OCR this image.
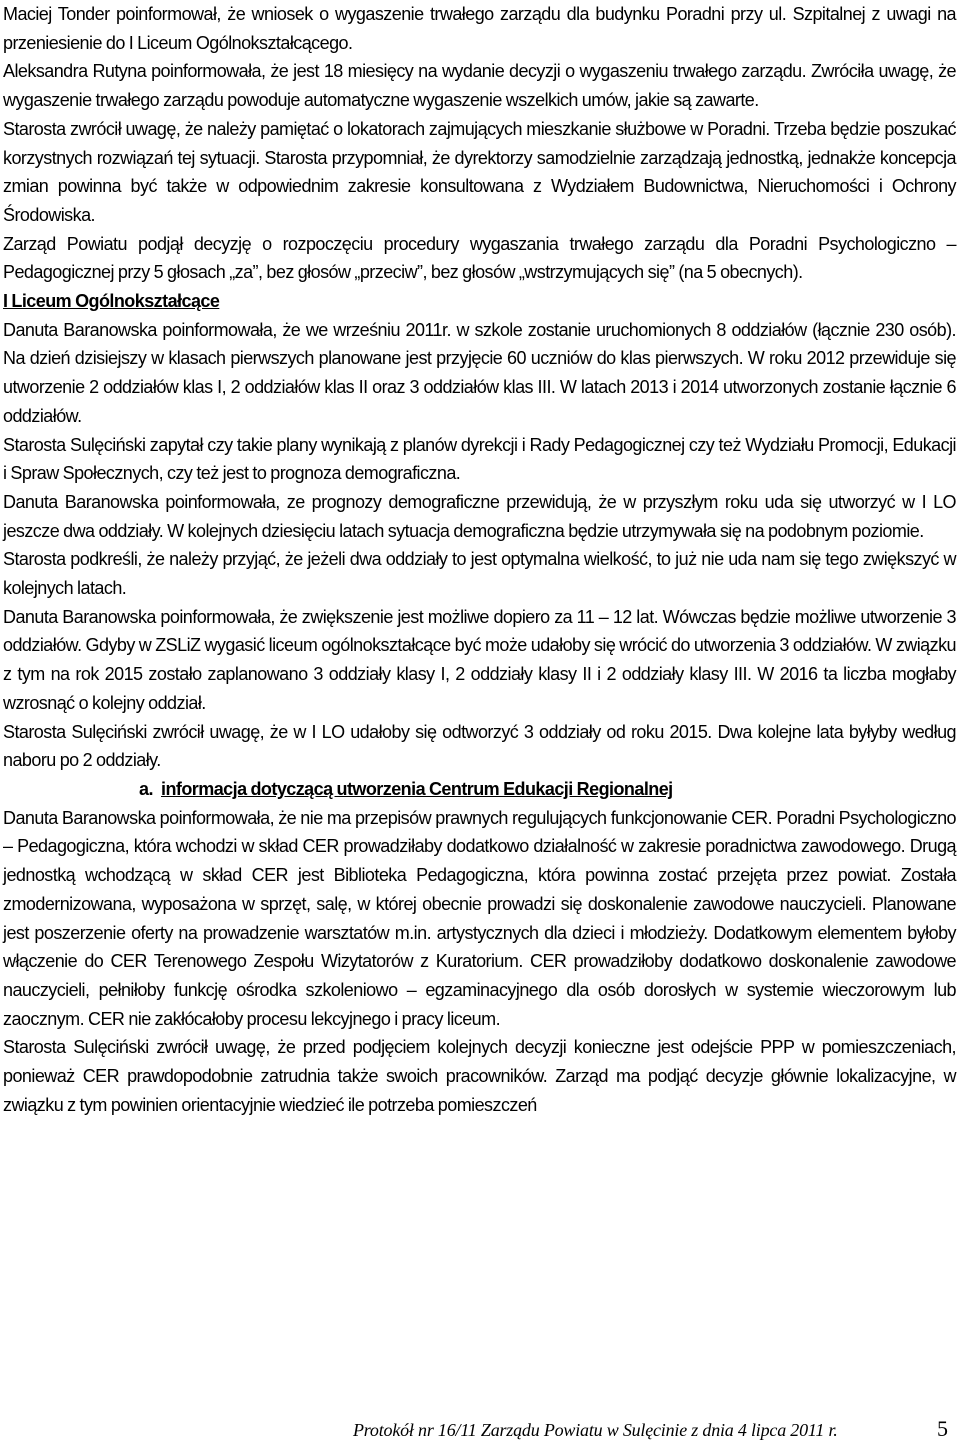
Maciej Tonder poinformował, że wniosek o wygaszenie trwałego zarządu dla budynku Poradni przy ul. Szpitalnej z uwagi na przeniesienie do I Liceum Ogólnokształcącego.

Aleksandra Rutyna poinformowała, że jest 18 miesięcy na wydanie decyzji o wygaszeniu trwałego zarządu. Zwróciła uwagę, że wygaszenie trwałego zarządu powoduje automatyczne wygaszenie wszelkich umów, jakie są zawarte.

Starosta zwrócił uwagę, że należy pamiętać o lokatorach zajmujących mieszkanie służbowe w Poradni. Trzeba będzie poszukać korzystnych rozwiązań tej sytuacji. Starosta przypomniał, że dyrektorzy samodzielnie zarządzają jednostką, jednakże koncepcja zmian powinna być także w odpowiednim zakresie konsultowana z Wydziałem Budownictwa, Nieruchomości i Ochrony Środowiska.

Zarząd Powiatu podjął decyzję o rozpoczęciu procedury wygaszania trwałego zarządu dla Poradni Psychologiczno – Pedagogicznej przy 5 głosach „za”, bez głosów „przeciw”, bez głosów „wstrzymujących się” (na 5 obecnych).

I Liceum Ogólnokształcące

Danuta Baranowska poinformowała, że we wrześniu 2011r. w szkole zostanie uruchomionych 8 oddziałów (łącznie 230 osób). Na dzień dzisiejszy w klasach pierwszych planowane jest przyjęcie 60 uczniów do klas pierwszych. W roku 2012 przewiduje się utworzenie 2 oddziałów klas I, 2 oddziałów klas II oraz 3 oddziałów klas III. W latach 2013 i 2014 utworzonych zostanie łącznie 6 oddziałów.

Starosta Sulęciński zapytał czy takie plany wynikają z planów dyrekcji i Rady Pedagogicznej czy też Wydziału Promocji, Edukacji i Spraw Społecznych, czy też jest to prognoza demograficzna.

Danuta Baranowska poinformowała, ze prognozy demograficzne przewidują, że w przyszłym roku uda się utworzyć w I LO jeszcze dwa oddziały. W kolejnych dziesięciu latach sytuacja demograficzna będzie utrzymywała się na podobnym poziomie.

Starosta podkreśli, że należy przyjąć, że jeżeli dwa oddziały to jest optymalna wielkość, to już nie uda nam się tego zwiększyć w kolejnych latach.

Danuta Baranowska poinformowała, że zwiększenie jest możliwe dopiero za 11 – 12 lat. Wówczas będzie możliwe utworzenie 3 oddziałów. Gdyby w ZSLiZ wygasić liceum ogólnokształcące być może udałoby się wrócić do utworzenia 3 oddziałów. W związku z tym na rok 2015 zostało zaplanowano 3 oddziały klasy I, 2 oddziały klasy II i 2 oddziały klasy III. W 2016 ta liczba mogłaby wzrosnąć o kolejny oddział.

Starosta Sulęciński zwrócił uwagę, że w I LO udałoby się odtworzyć 3 oddziały od roku 2015. Dwa kolejne lata byłyby według naboru po 2 oddziały.

a. informacja dotyczącą utworzenia Centrum Edukacji Regionalnej

Danuta Baranowska poinformowała, że nie ma przepisów prawnych regulujących funkcjonowanie CER. Poradni Psychologiczno – Pedagogiczna, która wchodzi w skład CER prowadziłaby dodatkowo działalność w zakresie poradnictwa zawodowego. Drugą jednostką wchodzącą w skład CER jest Biblioteka Pedagogiczna, która powinna zostać przejęta przez powiat. Została zmodernizowana, wyposażona w sprzęt, salę, w której obecnie prowadzi się doskonalenie zawodowe nauczycieli. Planowane jest poszerzenie oferty na prowadzenie warsztatów m.in. artystycznych dla dzieci i młodzieży. Dodatkowym elementem byłoby włączenie do CER Terenowego Zespołu Wizytatorów z Kuratorium. CER prowadziłoby dodatkowo doskonalenie zawodowe nauczycieli, pełniłoby funkcję ośrodka szkoleniowo – egzaminacyjnego dla osób dorosłych w systemie wieczorowym lub zaocznym. CER nie zakłócałoby procesu lekcyjnego i pracy liceum.

Starosta Sulęciński zwrócił uwagę, że przed podjęciem kolejnych decyzji konieczne jest odejście PPP w pomieszczeniach, ponieważ CER prawdopodobnie zatrudnia także swoich pracowników. Zarząd ma podjąć decyzje głównie lokalizacyjne, w związku z tym powinien orientacyjnie wiedzieć ile potrzeba pomieszczeń

Protokół nr 16/11 Zarządu Powiatu w Sulęcinie z dnia 4 lipca 2011 r.	5
